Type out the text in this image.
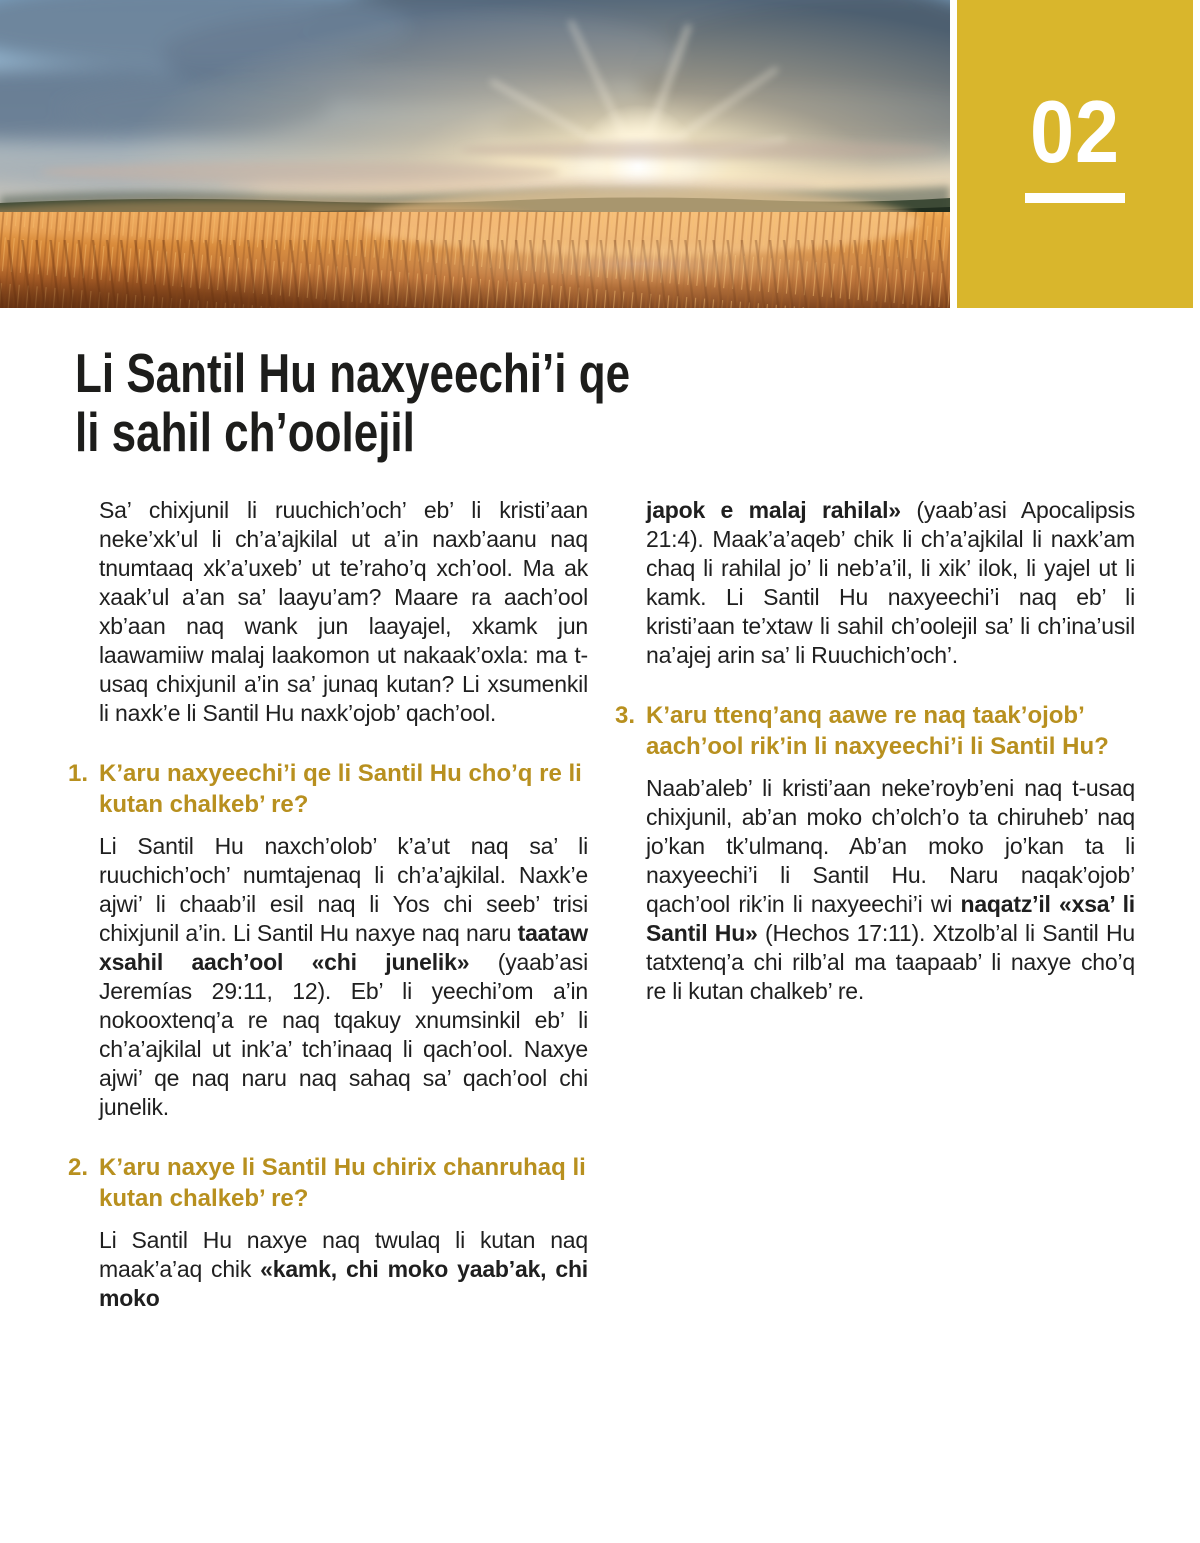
02
Li Santil Hu naxyeechi’i qe
li sahil ch’oolejil

Sa’ chixjunil li ruuchich’och’ eb’ li kristi’aan neke’xk’ul li ch’a’ajkilal ut a’in naxb’aanu naq tnumtaaq xk’a’uxeb’ ut te’raho’q xch’ool. Ma ak xaak’ul a’an sa’ laayu’am? Maare ra aach’ool xb’aan naq wank jun laayajel, xkamk jun laawamiiw malaj laakomon ut nakaak’oxla: ma t-usaq chixjunil a’in sa’ junaq kutan? Li xsumenkil li naxk’e li Santil Hu naxk’ojob’ qach’ool.

1. K’aru naxyeechi’i qe li Santil Hu cho’q re li kutan chalkeb’ re?

Li Santil Hu naxch’olob’ k’a’ut naq sa’ li ruuchich’och’ numtajenaq li ch’a’ajkilal. Naxk’e ajwi’ li chaab’il esil naq li Yos chi seeb’ trisi chixjunil a’in. Li Santil Hu naxye naq naru taataw xsahil aach’ool «chi junelik» (yaab’asi Jeremías 29:11, 12). Eb’ li yeechi’om a’in nokooxtenq’a re naq tqakuy xnumsinkil eb’ li ch’a’ajkilal ut ink’a’ tch’inaaq li qach’ool. Naxye ajwi’ qe naq naru naq sahaq sa’ qach’ool chi junelik.

2. K’aru naxye li Santil Hu chirix chanruhaq li kutan chalkeb’ re?

Li Santil Hu naxye naq twulaq li kutan naq maak’a’aq chik «kamk, chi moko yaab’ak, chi moko

japok e malaj rahilal» (yaab’asi Apocalipsis 21:4). Maak’a’aqeb’ chik li ch’a’ajkilal li naxk’am chaq li rahilal jo’ li neb’a’il, li xik’ ilok, li yajel ut li kamk. Li Santil Hu naxyeechi’i naq eb’ li kristi’aan te’xtaw li sahil ch’oolejil sa’ li ch’ina’usil na’ajej arin sa’ li Ruuchich’och’.

3. K’aru ttenq’anq aawe re naq taak’ojob’ aach’ool rik’in li naxyeechi’i li Santil Hu?

Naab’aleb’ li kristi’aan neke’royb’eni naq t-usaq chixjunil, ab’an moko ch’olch’o ta chiruheb’ naq jo’kan tk’ulmanq. Ab’an moko jo’kan ta li naxyeechi’i li Santil Hu. Naru naqak’ojob’ qach’ool rik’in li naxyeechi’i wi naqatz’il «xsa’ li Santil Hu» (Hechos 17:11). Xtzolb’al li Santil Hu tatxtenq’a chi rilb’al ma taapaab’ li naxye cho’q re li kutan chalkeb’ re.
